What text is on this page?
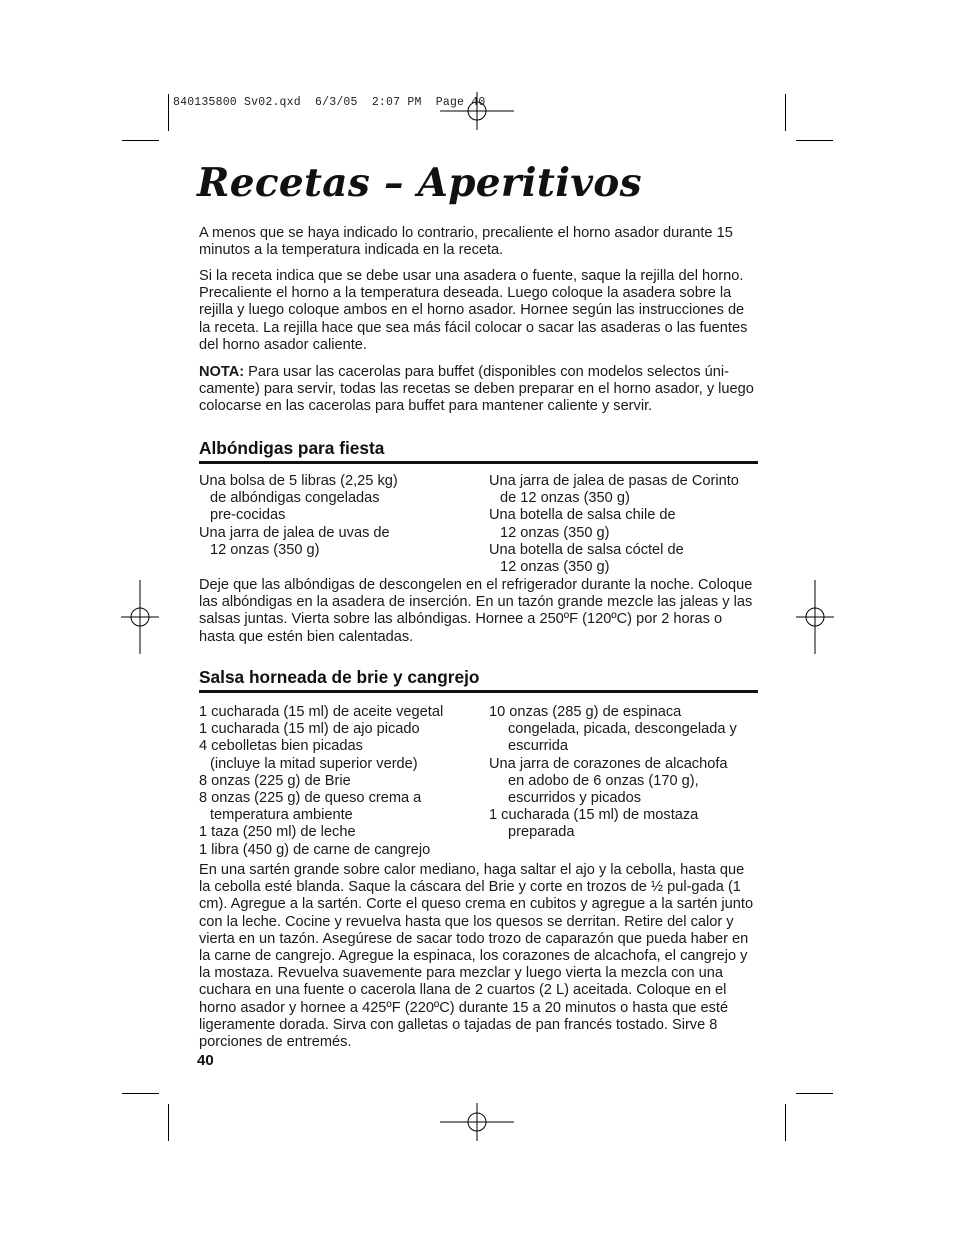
840135800 Sv02.qxd  6/3/05  2:07 PM  Page 40
Recetas – Aperitivos

A menos que se haya indicado lo contrario, precaliente el horno asador durante 15 minutos a la temperatura indicada en la receta.

Si la receta indica que se debe usar una asadera o fuente, saque la rejilla del horno. Precaliente el horno a la temperatura deseada. Luego coloque la asadera sobre la rejilla y luego coloque ambos en el horno asador. Hornee según las instrucciones de la receta. La rejilla hace que sea más fácil colocar o sacar las asaderas o las fuentes del horno asador caliente.

NOTA: Para usar las cacerolas para buffet (disponibles con modelos selectos úni-camente) para servir, todas las recetas se deben preparar en el horno asador, y luego colocarse en las cacerolas para buffet para mantener caliente y servir.

Albóndigas para fiesta
Una bolsa de 5 libras (2,25 kg)
de albóndigas congeladas
pre-cocidas
Una jarra de jalea de uvas de
12 onzas (350 g)
Una jarra de jalea de pasas de Corinto
de 12 onzas (350 g)
Una botella de salsa chile de
12 onzas (350 g)
Una botella de salsa cóctel de
12 onzas (350 g)

Deje que las albóndigas de descongelen en el refrigerador durante la noche. Coloque las albóndigas en la asadera de inserción. En un tazón grande mezcle las jaleas y las salsas juntas. Vierta sobre las albóndigas. Hornee a 250ºF (120ºC) por 2 horas o hasta que estén bien calentadas.

Salsa horneada de brie y cangrejo
1 cucharada (15 ml) de aceite vegetal
1 cucharada (15 ml) de ajo picado
4 cebolletas bien picadas
(incluye la mitad superior verde)
8 onzas (225 g) de Brie
8 onzas (225 g) de queso crema a
temperatura ambiente
1 taza (250 ml) de leche
1 libra (450 g) de carne de cangrejo
10 onzas (285 g) de espinaca
congelada, picada, descongelada y
escurrida
Una jarra de corazones de alcachofa
en adobo de 6 onzas (170 g),
escurridos y picados
1 cucharada (15 ml) de mostaza
preparada

En una sartén grande sobre calor mediano, haga saltar el ajo y la cebolla, hasta que la cebolla esté blanda. Saque la cáscara del Brie y corte en trozos de ½ pul-gada (1 cm). Agregue a la sartén. Corte el queso crema en cubitos y agregue a la sartén junto con la leche. Cocine y revuelva hasta que los quesos se derritan. Retire del calor y vierta en un tazón. Asegúrese de sacar todo trozo de caparazón que pueda haber en la carne de cangrejo. Agregue la espinaca, los corazones de alcachofa, el cangrejo y la mostaza. Revuelva suavemente para mezclar y luego vierta la mezcla con una cuchara en una fuente o cacerola llana de 2 cuartos (2 L) aceitada. Coloque en el horno asador y hornee a 425ºF (220ºC) durante 15 a 20 minutos o hasta que esté ligeramente dorada. Sirva con galletas o tajadas de pan francés tostado. Sirve 8 porciones de entremés.

40
